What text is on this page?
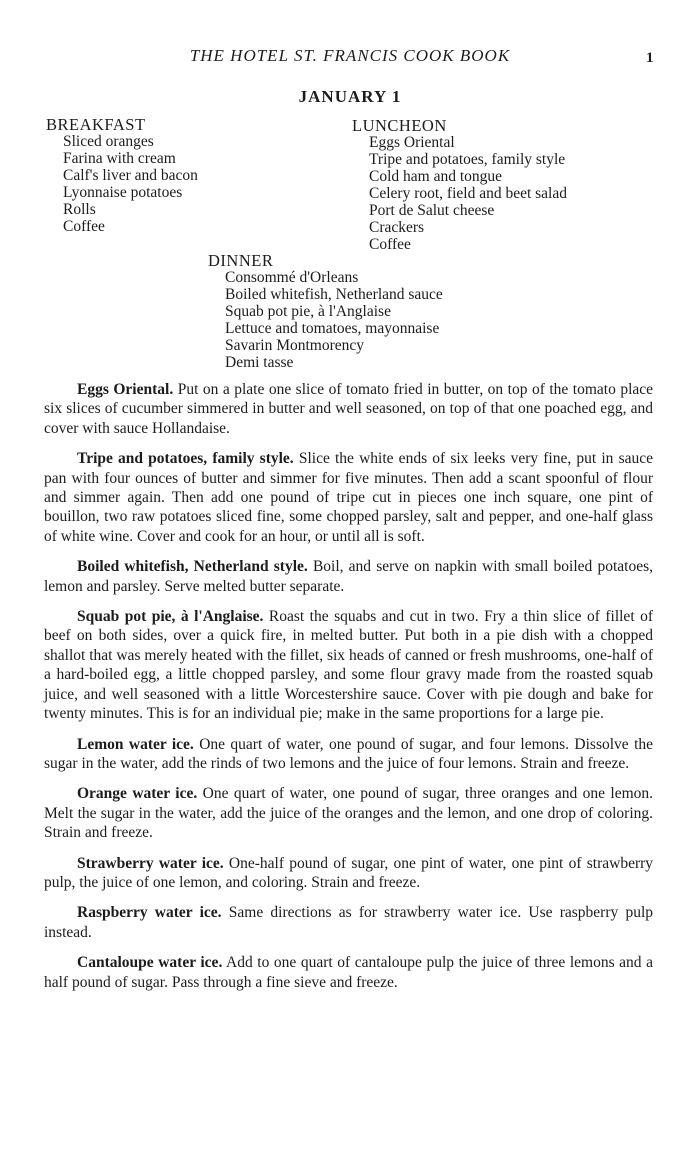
THE HOTEL ST. FRANCIS COOK BOOK	1
JANUARY 1
BREAKFAST
Sliced oranges
Farina with cream
Calf's liver and bacon
Lyonnaise potatoes
Rolls
Coffee
LUNCHEON
Eggs Oriental
Tripe and potatoes, family style
Cold ham and tongue
Celery root, field and beet salad
Port de Salut cheese
Crackers
Coffee
DINNER
Consommé d'Orleans
Boiled whitefish, Netherland sauce
Squab pot pie, à l'Anglaise
Lettuce and tomatoes, mayonnaise
Savarin Montmorency
Demi tasse

Eggs Oriental. Put on a plate one slice of tomato fried in butter, on top of the tomato place six slices of cucumber simmered in butter and well seasoned, on top of that one poached egg, and cover with sauce Hollandaise.

Tripe and potatoes, family style. Slice the white ends of six leeks very fine, put in sauce pan with four ounces of butter and simmer for five minutes. Then add a scant spoonful of flour and simmer again. Then add one pound of tripe cut in pieces one inch square, one pint of bouillon, two raw potatoes sliced fine, some chopped parsley, salt and pepper, and one-half glass of white wine. Cover and cook for an hour, or until all is soft.

Boiled whitefish, Netherland style. Boil, and serve on napkin with small boiled potatoes, lemon and parsley. Serve melted butter separate.

Squab pot pie, à l'Anglaise. Roast the squabs and cut in two. Fry a thin slice of fillet of beef on both sides, over a quick fire, in melted butter. Put both in a pie dish with a chopped shallot that was merely heated with the fillet, six heads of canned or fresh mushrooms, one-half of a hard-boiled egg, a little chopped parsley, and some flour gravy made from the roasted squab juice, and well seasoned with a little Worcestershire sauce. Cover with pie dough and bake for twenty minutes. This is for an individual pie; make in the same proportions for a large pie.

Lemon water ice. One quart of water, one pound of sugar, and four lemons. Dissolve the sugar in the water, add the rinds of two lemons and the juice of four lemons. Strain and freeze.

Orange water ice. One quart of water, one pound of sugar, three oranges and one lemon. Melt the sugar in the water, add the juice of the oranges and the lemon, and one drop of coloring. Strain and freeze.

Strawberry water ice. One-half pound of sugar, one pint of water, one pint of strawberry pulp, the juice of one lemon, and coloring. Strain and freeze.

Raspberry water ice. Same directions as for strawberry water ice. Use raspberry pulp instead.

Cantaloupe water ice. Add to one quart of cantaloupe pulp the juice of three lemons and a half pound of sugar. Pass through a fine sieve and freeze.
